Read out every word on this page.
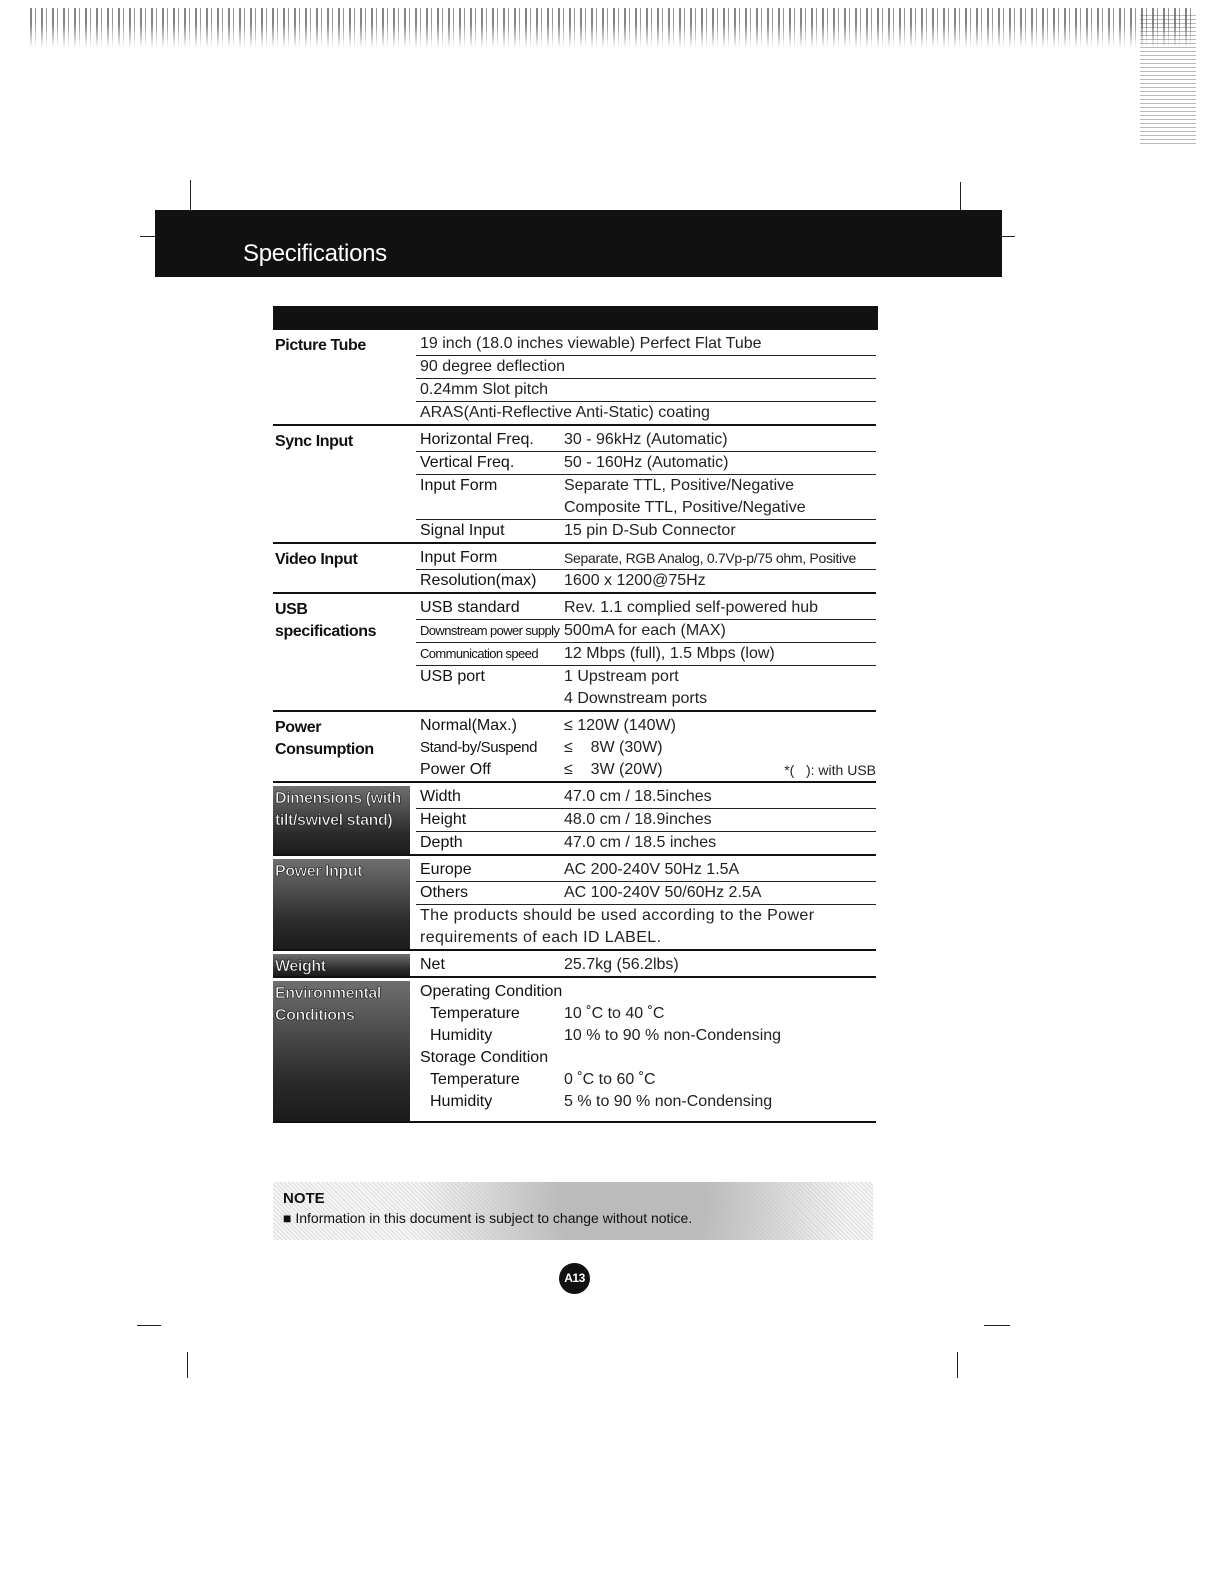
Specifications
Picture Tube	19 inch (18.0 inches viewable) Perfect Flat Tube
90 degree deflection
0.24mm Slot pitch
ARAS(Anti-Reflective Anti-Static) coating
Sync Input	Horizontal Freq. 30 - 96kHz (Automatic)
Vertical Freq.	50 - 160Hz (Automatic)
Input Form	Separate TTL, Positive/Negative
Composite TTL, Positive/Negative
Signal Input	15 pin D-Sub Connector
Video Input	Input Form	Separate, RGB Analog, 0.7Vp-p/75 ohm, Positive
Resolution(max) 1600 x 1200@75Hz
USB
specifications
USB standard	Rev. 1.1 complied self-powered hub
Downstream power supply 500mA for each (MAX)
Communication speed 12 Mbps (full), 1.5 Mbps (low)
USB port	1 Upstream port
4 Downstream ports
Power
Consumption
Normal(Max.)	≤ 120W (140W)
Stand-by/Suspend ≤    8W (30W)
Power Off	≤    3W (20W)	*(   ): with USB
Dimensions (with
tilt/swivel stand)
Width	47.0 cm / 18.5inches
Height	48.0 cm / 18.9inches
Depth	47.0 cm / 18.5 inches
Power Input	Europe	AC 200-240V 50Hz 1.5A
Others	AC 100-240V 50/60Hz 2.5A
The products should be used according to the Power
requirements of each ID LABEL.
Weight	Net	25.7kg (56.2lbs)
Environmental
Conditions
Operating Condition
Temperature	10 ˚C to 40 ˚C
Humidity	10 % to 90 % non-Condensing
Storage Condition
Temperature	0 ˚C to 60 ˚C
Humidity	5 % to 90 % non-Condensing
NOTE
■ Information in this document is subject to change without notice.
A13
